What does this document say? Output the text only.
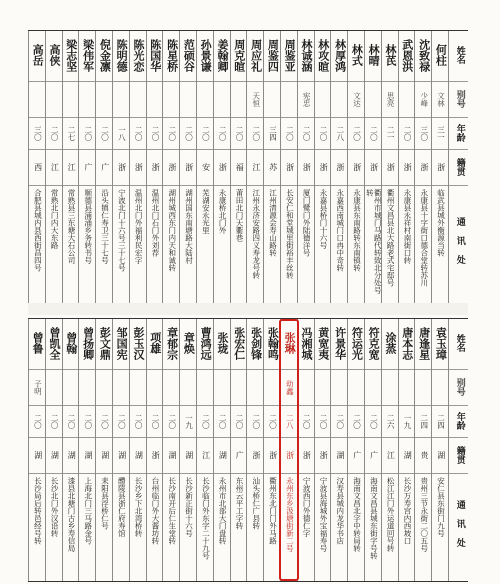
姓名
别号
年龄
籍贯
通讯处
何柱
文林
三一
浙
临武县城外衡源当转
沈致禄
少峰
三〇
浙
永康县十字街口德合堂转苏川
武恩洪
二〇
浙
永康县永祥村南街口转
林芪
思亮
二一
浙
衢州文昌县北大路老式宅邸号
林晴
二〇
浙
衢州市城门马路代转致北分处号转
林式
文达
二〇
浙
永康县东南路转东南镇转
林厚鸿
二八
浙
永嘉西南城门口冉中奇转
林攻暄
二〇
浙
永嘉县桥门十六号
林诚涵
宪忠
二〇
浙
厦门鹭门外陆德洋号
周鉴亚
二〇
浙
长安仁和堂城里街裕丰丝转
周鉴四
三四
苏
江州清源会寿山路转
周应礼
天恒
二〇
江
江州永济安路四义寿龙号转
周克暄
二〇
福
莆田北门天衢巷
姜翰卿
二〇
浙
永康桥北门外
孙景谦
二〇
安
芜湖安永光里
范硕谷
二〇
浙
湖州国东南塘路大陆村
陈星桥
二〇
浙
湖州城西东门内天和诚转
陈国华
二〇
浙
温州北门石门外刘荐
陈光恋
二〇
浙
温州北门外福利民宏字
陈明德
一八
浙
宁波北门十六号三十七号
倪金凛
二〇
广
沿头镇仁寿卫三十七号
梁伟军
二〇
广
顺德县浦涌乡务转书号
梁志坚
二七
江
常熟县三东塘大石公司
高侠
二〇
江
常熟北门内大东路
高岳
三〇
西
合肥县城内县西街昌四号
姓名
别号
年龄
籍贯
通讯处
袁玉璋
二四
湖
安仁县东街门九号
唐逢星
二四
贵
贵州三节永街二〇五号
唐本志
一九
湖
长沙万寿宫内西坡口
涂蒸
二六
江
松江江门外运道回号转
符克宽
二〇
广
海南文昌县城东街字号转
符运光
二〇
广
海南文昌北字中转局转
许景华
二〇
湖
汉寿县城内龙华书店
黄宽夷
二〇
浙
宁波县海城外宝福寿号
冯湘城
二〇
浙
宁波西门外德仁字
张琳
幼鑫
二八
浙
永州东乡汲塘街新二号
张翰鸣
二〇
浙
衢州东北门门外马路
张剑锋
二〇
浙
汕头桥仁广县转
张宏仁
二〇
广
东州云平工字转
张珑
二〇
湖
永州市北部大门盘转
曹鸿远
二〇
江
长沙临门外东字二十九号
章焕
一九
湖
长沙新正街十六号
章郁宗
二〇
湖
长沙南开后仁生堂转
项雄
二〇
浙
台州临门外大酱坊转
彭玉汉
二〇
湖
长沙乡下北湾桥转
邹国宪
二〇
湖
醴陵县浙仁府寿馆
彭文鼎
二〇
湖
耒阳县浮桥仁号
曾扬卿
二〇
湖
上海北门三马路金号
曾翰
二〇
湖
漆县北塘门古乡寿信局
曾凯全
二〇
湖
长沙北门外汉语转
曾鲁
子明
二〇
湖
长沙局后转邑经号转
